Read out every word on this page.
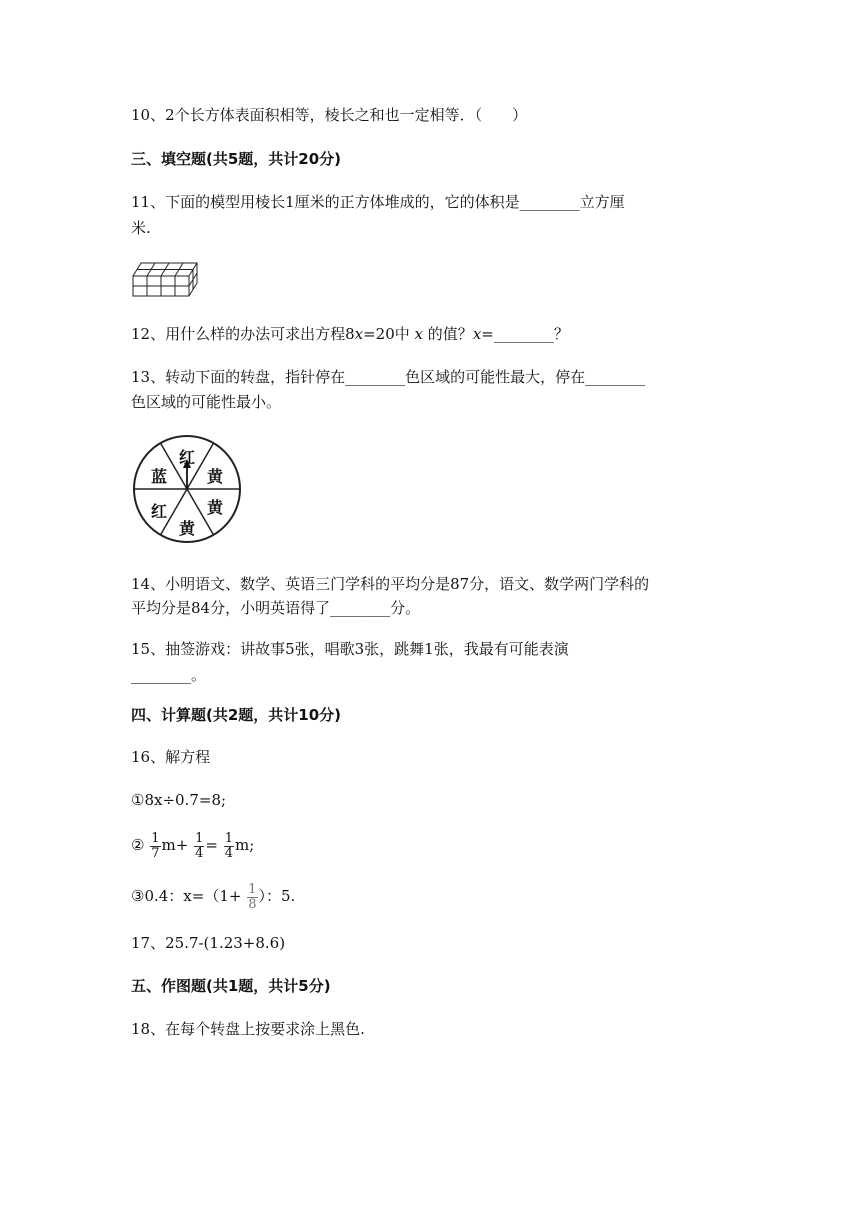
10、2个长方体表面积相等，棱长之和也一定相等．（　　）
三、填空题(共5题，共计20分)
11、下面的模型用棱长1厘米的正方体堆成的，它的体积是________立方厘
米.
12、用什么样的办法可求出方程8x=20中 x 的值？x=________？
13、转动下面的转盘，指针停在________色区域的可能性最大，停在________
色区域的可能性最小。
红
黄
黄
黄
红
蓝
14、小明语文、数学、英语三门学科的平均分是87分，语文、数学两门学科的
平均分是84分，小明英语得了________分。
15、抽签游戏：讲故事5张，唱歌3张，跳舞1张，我最有可能表演
________。
四、计算题(共2题，共计10分)
16、解方程
①8x÷0.7=8;
② $\frac{1}{7} m+ \frac{1}{4} = \frac{1}{4} m$;
③0.4：$x=(1+ \frac{1}{8}$ ）：5.
17、25.7-(1.23+8.6)
五、作图题(共1题，共计5分)
18、在每个转盘上按要求涂上黑色.
